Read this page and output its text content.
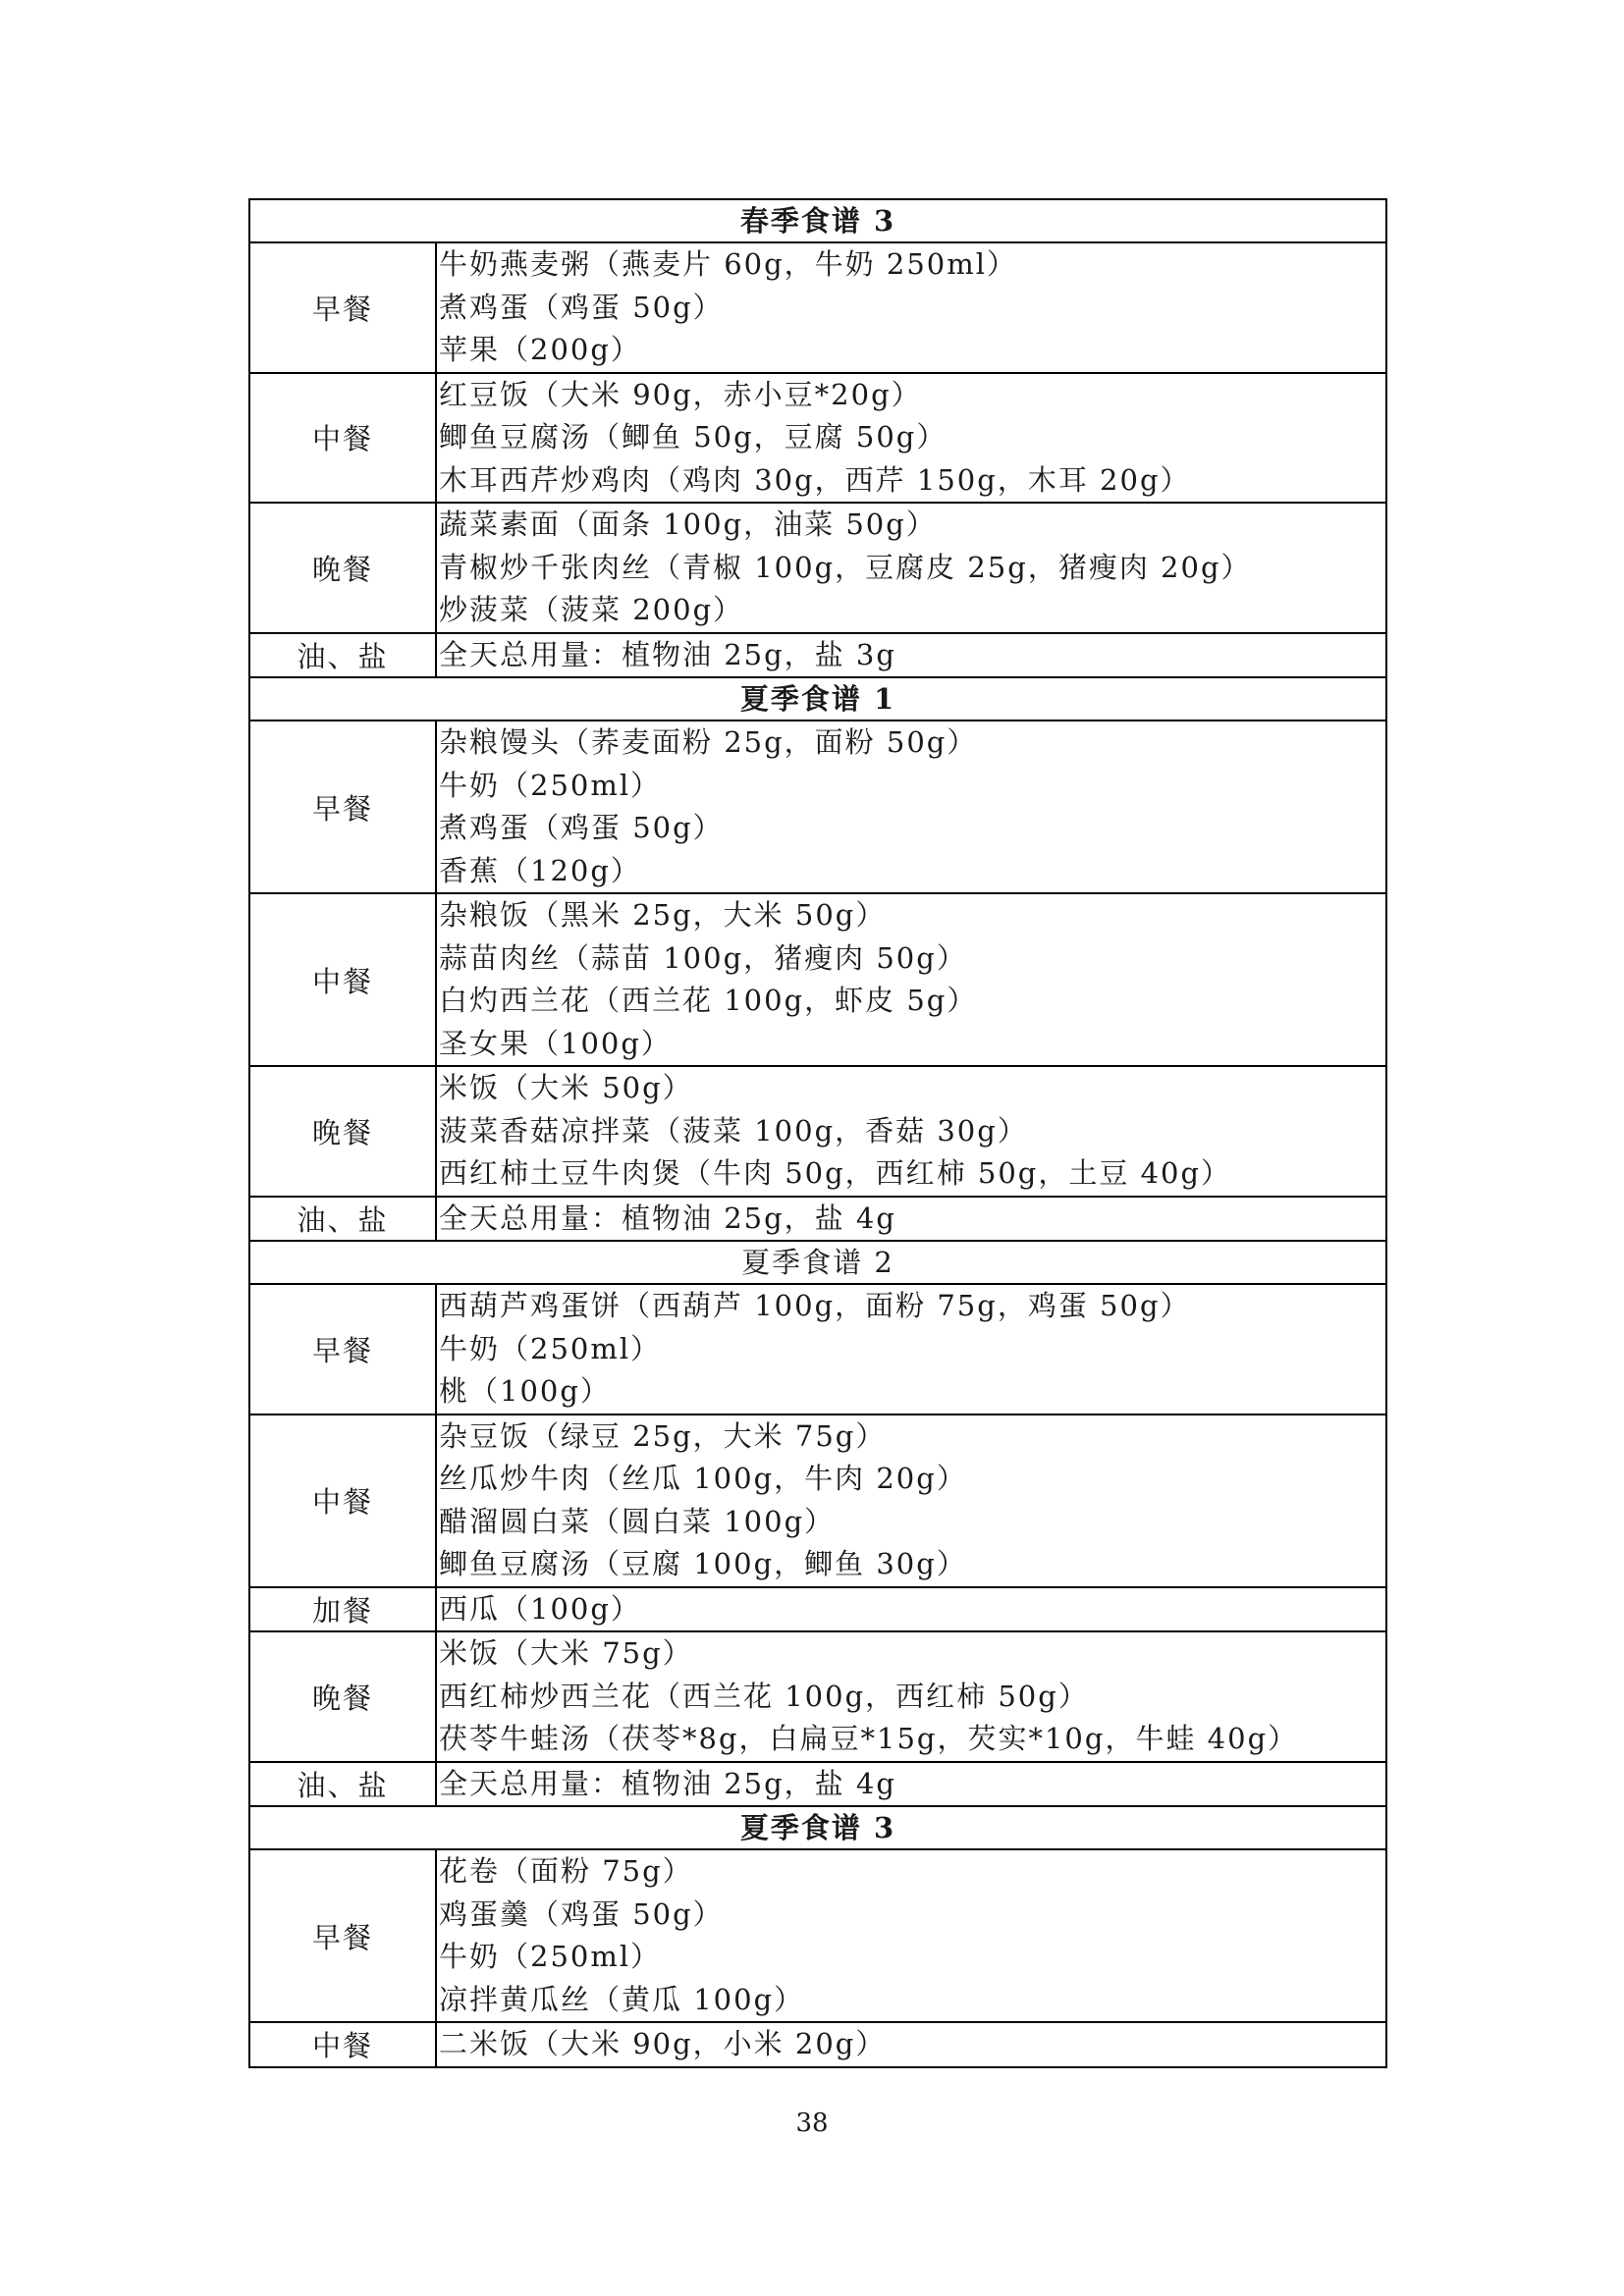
春季食谱 3	
早餐	牛奶燕麦粥（燕麦片 60g，牛奶 250ml）
煮鸡蛋（鸡蛋 50g）
苹果（200g）

中餐	红豆饭（大米 90g，赤小豆*20g）
鲫鱼豆腐汤（鲫鱼 50g，豆腐 50g）
木耳西芹炒鸡肉（鸡肉 30g，西芹 150g，木耳 20g）

晚餐	蔬菜素面（面条 100g，油菜 50g）
青椒炒千张肉丝（青椒 100g，豆腐皮 25g，猪瘦肉 20g）
炒菠菜（菠菜 200g）

油、盐	全天总用量：植物油 25g，盐 3g

夏季食谱 1	
早餐	杂粮馒头（荞麦面粉 25g，面粉 50g）
牛奶（250ml）
煮鸡蛋（鸡蛋 50g）
香蕉（120g）

中餐	杂粮饭（黑米 25g，大米 50g）
蒜苗肉丝（蒜苗 100g，猪瘦肉 50g）
白灼西兰花（西兰花 100g，虾皮 5g）
圣女果（100g）

晚餐	米饭（大米 50g）
菠菜香菇凉拌菜（菠菜 100g，香菇 30g）
西红柿土豆牛肉煲（牛肉 50g，西红柿 50g，土豆 40g）

油、盐	全天总用量：植物油 25g，盐 4g

夏季食谱 2	
早餐	西葫芦鸡蛋饼（西葫芦 100g，面粉 75g，鸡蛋 50g）
牛奶（250ml）
桃（100g）

中餐	杂豆饭（绿豆 25g，大米 75g）
丝瓜炒牛肉（丝瓜 100g，牛肉 20g）
醋溜圆白菜（圆白菜 100g）
鲫鱼豆腐汤（豆腐 100g，鲫鱼 30g）

加餐	西瓜（100g）

晚餐	米饭（大米 75g）
西红柿炒西兰花（西兰花 100g，西红柿 50g）
茯苓牛蛙汤（茯苓*8g，白扁豆*15g，芡实*10g，牛蛙 40g）

油、盐	全天总用量：植物油 25g，盐 4g

夏季食谱 3	
早餐	花卷（面粉 75g）
鸡蛋羹（鸡蛋 50g）
牛奶（250ml）
凉拌黄瓜丝（黄瓜 100g）

中餐	二米饭（大米 90g，小米 20g）
38
